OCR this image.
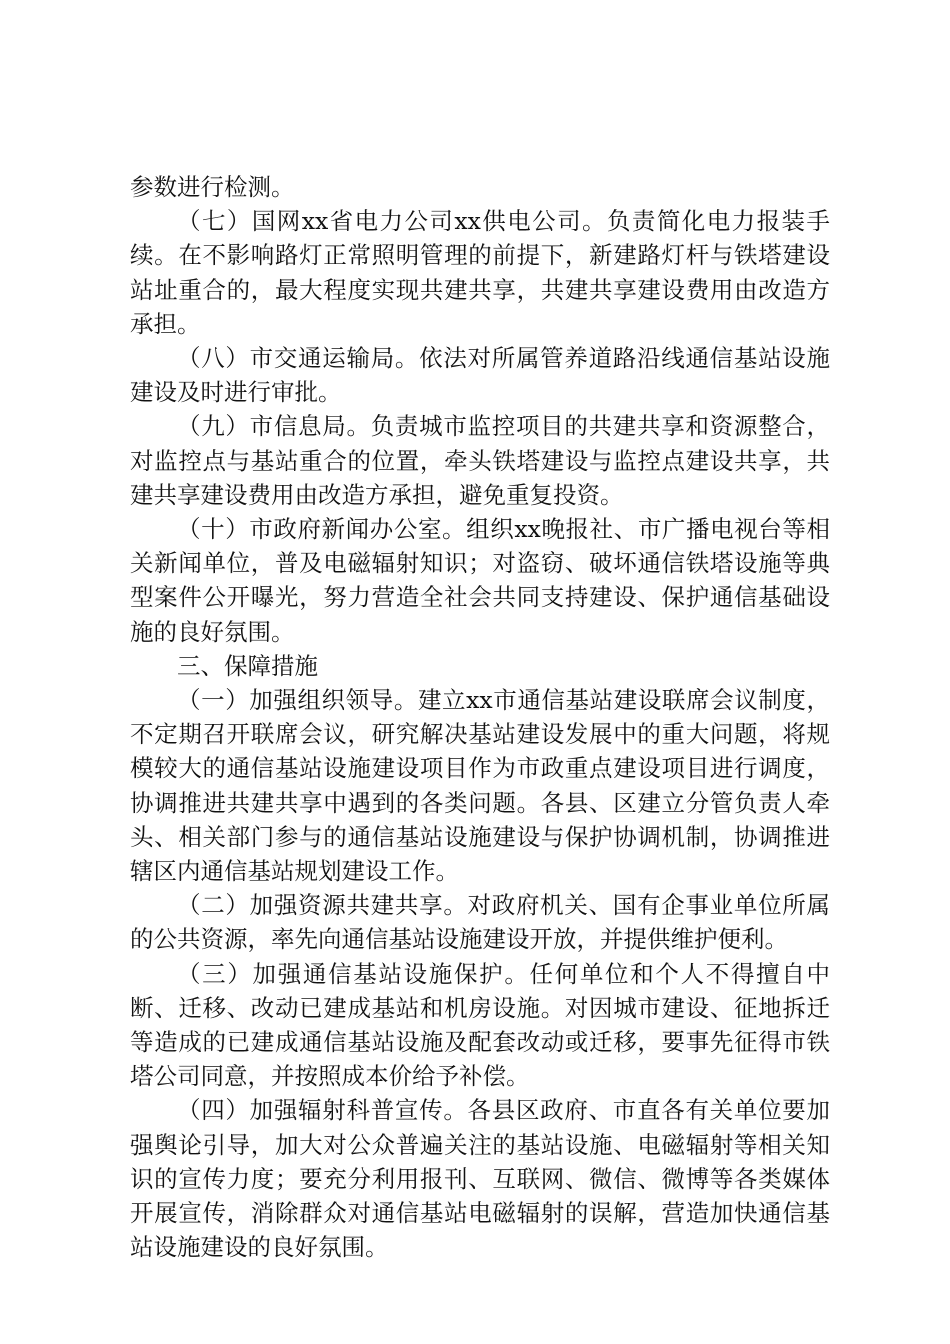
参数进行检测。

（七）国网xx省电力公司xx供电公司。负责简化电力报装手续。在不影响路灯正常照明管理的前提下，新建路灯杆与铁塔建设站址重合的，最大程度实现共建共享，共建共享建设费用由改造方承担。

（八）市交通运输局。依法对所属管养道路沿线通信基站设施建设及时进行审批。

（九）市信息局。负责城市监控项目的共建共享和资源整合，对监控点与基站重合的位置，牵头铁塔建设与监控点建设共享，共建共享建设费用由改造方承担，避免重复投资。

（十）市政府新闻办公室。组织xx晚报社、市广播电视台等相关新闻单位，普及电磁辐射知识；对盗窃、破坏通信铁塔设施等典型案件公开曝光，努力营造全社会共同支持建设、保护通信基础设施的良好氛围。

三、保障措施

（一）加强组织领导。建立xx市通信基站建设联席会议制度，不定期召开联席会议，研究解决基站建设发展中的重大问题，将规模较大的通信基站设施建设项目作为市政重点建设项目进行调度，协调推进共建共享中遇到的各类问题。各县、区建立分管负责人牵头、相关部门参与的通信基站设施建设与保护协调机制，协调推进辖区内通信基站规划建设工作。

（二）加强资源共建共享。对政府机关、国有企事业单位所属的公共资源，率先向通信基站设施建设开放，并提供维护便利。

（三）加强通信基站设施保护。任何单位和个人不得擅自中断、迁移、改动已建成基站和机房设施。对因城市建设、征地拆迁等造成的已建成通信基站设施及配套改动或迁移，要事先征得市铁塔公司同意，并按照成本价给予补偿。

（四）加强辐射科普宣传。各县区政府、市直各有关单位要加强舆论引导，加大对公众普遍关注的基站设施、电磁辐射等相关知识的宣传力度；要充分利用报刊、互联网、微信、微博等各类媒体开展宣传，消除群众对通信基站电磁辐射的误解，营造加快通信基站设施建设的良好氛围。
